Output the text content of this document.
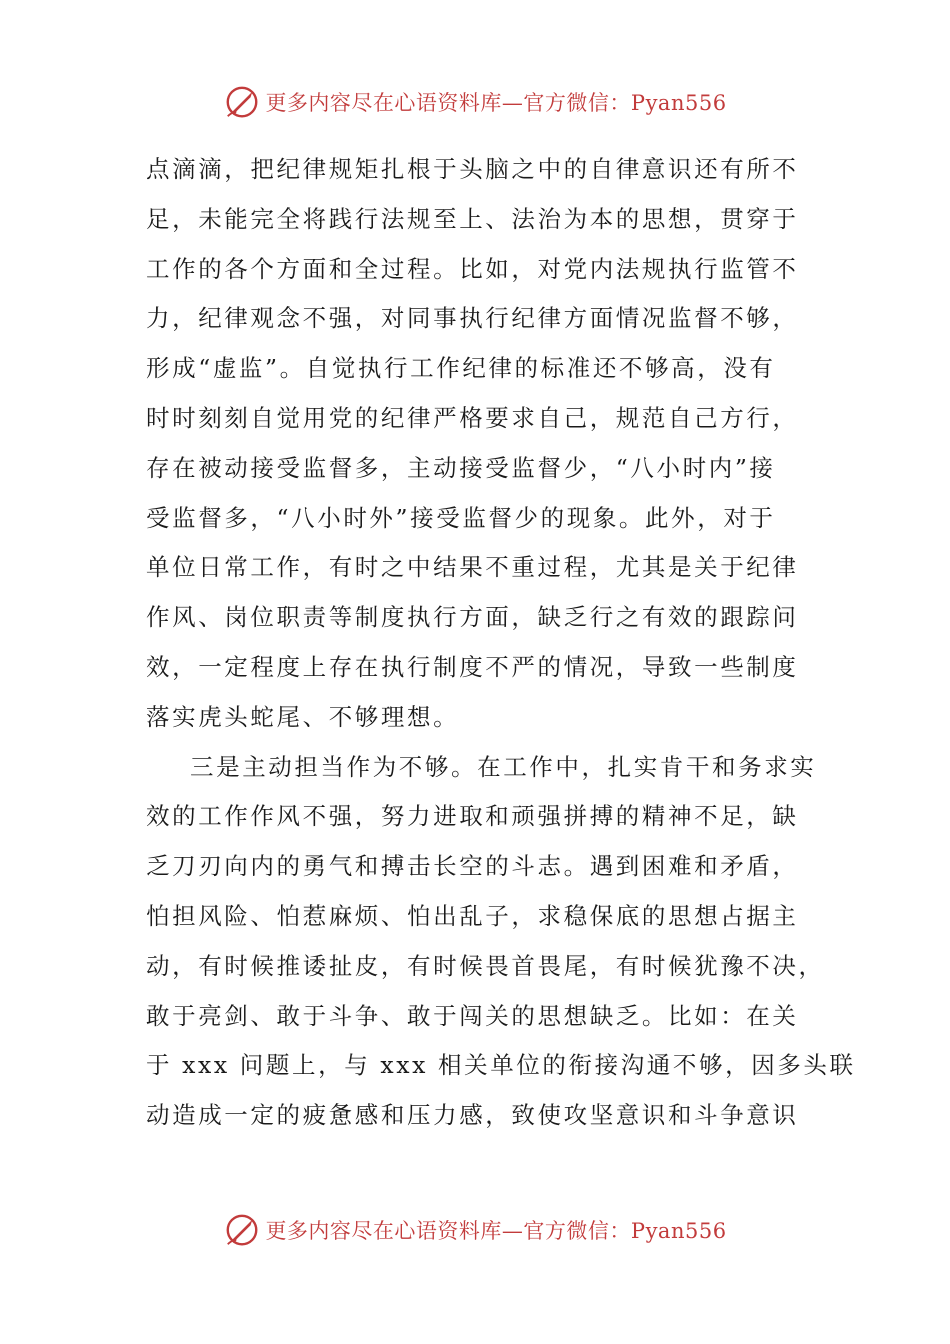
更多内容尽在心语资料库—官方微信：Pyan556
点滴滴，把纪律规矩扎根于头脑之中的自律意识还有所不
足，未能完全将践行法规至上、法治为本的思想，贯穿于
工作的各个方面和全过程。比如，对党内法规执行监管不
力，纪律观念不强，对同事执行纪律方面情况监督不够，
形成“虚监”。自觉执行工作纪律的标准还不够高，没有
时时刻刻自觉用党的纪律严格要求自己，规范自己方行，
存在被动接受监督多，主动接受监督少，“八小时内”接
受监督多，“八小时外”接受监督少的现象。此外，对于
单位日常工作，有时之中结果不重过程，尤其是关于纪律
作风、岗位职责等制度执行方面，缺乏行之有效的跟踪问
效，一定程度上存在执行制度不严的情况，导致一些制度
落实虎头蛇尾、不够理想。
三是主动担当作为不够。在工作中，扎实肯干和务求实
效的工作作风不强，努力进取和顽强拼搏的精神不足，缺
乏刀刃向内的勇气和搏击长空的斗志。遇到困难和矛盾，
怕担风险、怕惹麻烦、怕出乱子，求稳保底的思想占据主
动，有时候推诿扯皮，有时候畏首畏尾，有时候犹豫不决，
敢于亮剑、敢于斗争、敢于闯关的思想缺乏。比如：在关
于 xxx 问题上，与 xxx 相关单位的衔接沟通不够，因多头联
动造成一定的疲惫感和压力感，致使攻坚意识和斗争意识
更多内容尽在心语资料库—官方微信：Pyan556
